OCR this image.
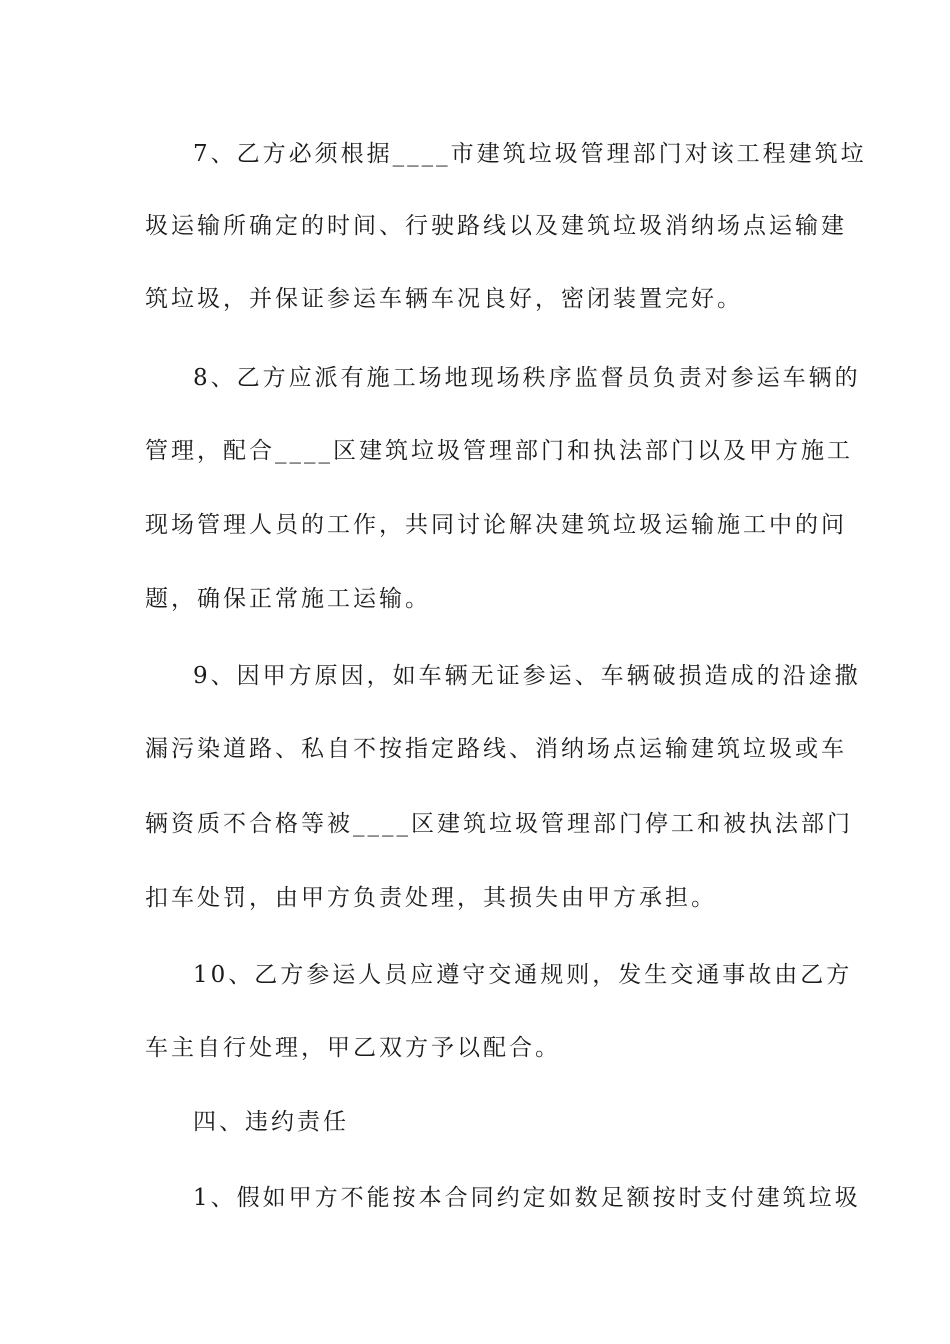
7、乙方必须根据____市建筑垃圾管理部门对该工程建筑垃
圾运输所确定的时间、行驶路线以及建筑垃圾消纳场点运输建
筑垃圾，并保证参运车辆车况良好，密闭装置完好。
8、乙方应派有施工场地现场秩序监督员负责对参运车辆的
管理，配合____区建筑垃圾管理部门和执法部门以及甲方施工
现场管理人员的工作，共同讨论解决建筑垃圾运输施工中的问
题，确保正常施工运输。
9、因甲方原因，如车辆无证参运、车辆破损造成的沿途撒
漏污染道路、私自不按指定路线、消纳场点运输建筑垃圾或车
辆资质不合格等被____区建筑垃圾管理部门停工和被执法部门
扣车处罚，由甲方负责处理，其损失由甲方承担。
10、乙方参运人员应遵守交通规则，发生交通事故由乙方
车主自行处理，甲乙双方予以配合。
四、违约责任
1、假如甲方不能按本合同约定如数足额按时支付建筑垃圾
